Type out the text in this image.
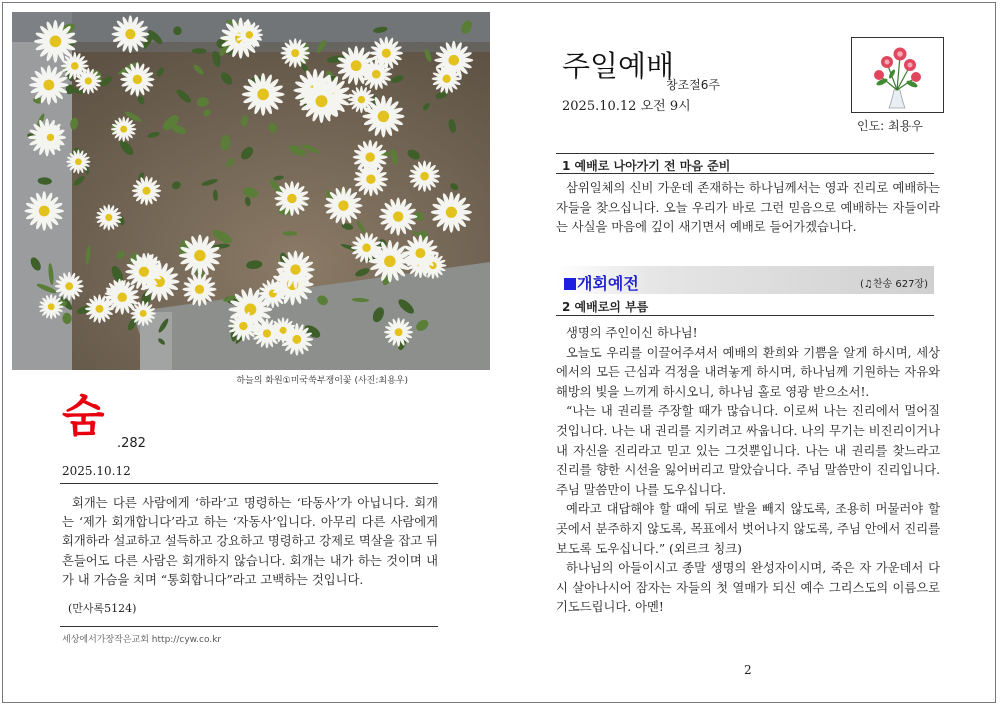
하늘의 화원①미국쑥부쟁이꽃 (사진:최용우)
숨
.282
2025.10.12

회개는 다른 사람에게 ‘하라’고 명령하는 ‘타동사’가 아닙니다. 회개는 ‘제가 회개합니다’라고 하는 ‘자동사’입니다. 아무리 다른 사람에게 회개하라 설교하고 설득하고 강요하고 명령하고 강제로 멱살을 잡고 뒤흔들어도 다른 사람은 회개하지 않습니다. 회개는 내가 하는 것이며 내가 내 가슴을 치며 “통회합니다”라고 고백하는 것입니다.

(만사록5124)
세상에서가장작은교회 http://cyw.co.kr
주일예배
창조절6주
2025.10.12 오전 9시
인도: 최용우
1 예배로 나아가기 전 마음 준비

삼위일체의 신비 가운데 존재하는 하나님께서는 영과 진리로 예배하는 자들을 찾으십니다. 오늘 우리가 바로 그런 믿음으로 예배하는 자들이라는 사실을 마음에 깊이 새기면서 예배로 들어가겠습니다.

개회예전	(♫찬송 627장)
2 예배로의 부름

생명의 주인이신 하나님!

오늘도 우리를 이끌어주셔서 예배의 환희와 기쁨을 알게 하시며, 세상에서의 모든 근심과 걱정을 내려놓게 하시며, 하나님께 기원하는 자유와 해방의 빛을 느끼게 하시오니, 하나님 홀로 영광 받으소서!.

“나는 내 권리를 주장할 때가 많습니다. 이로써 나는 진리에서 멀어질 것입니다. 나는 내 권리를 지키려고 싸웁니다. 나의 무기는 비진리이거나 내 자신을 진리라고 믿고 있는 그것뿐입니다. 나는 내 권리를 찾느라고 진리를 향한 시선을 잃어버리고 말았습니다. 주님 말씀만이 진리입니다. 주님 말씀만이 나를 도우십니다.

예라고 대답해야 할 때에 뒤로 발을 빼지 않도록, 조용히 머물러야 할 곳에서 분주하지 않도록, 목표에서 벗어나지 않도록, 주님 안에서 진리를 보도록 도우십니다.” (외르크 칭크)

하나님의 아들이시고 종말 생명의 완성자이시며, 죽은 자 가운데서 다시 살아나시어 잠자는 자들의 첫 열매가 되신 예수 그리스도의 이름으로 기도드립니다. 아멘!

2
